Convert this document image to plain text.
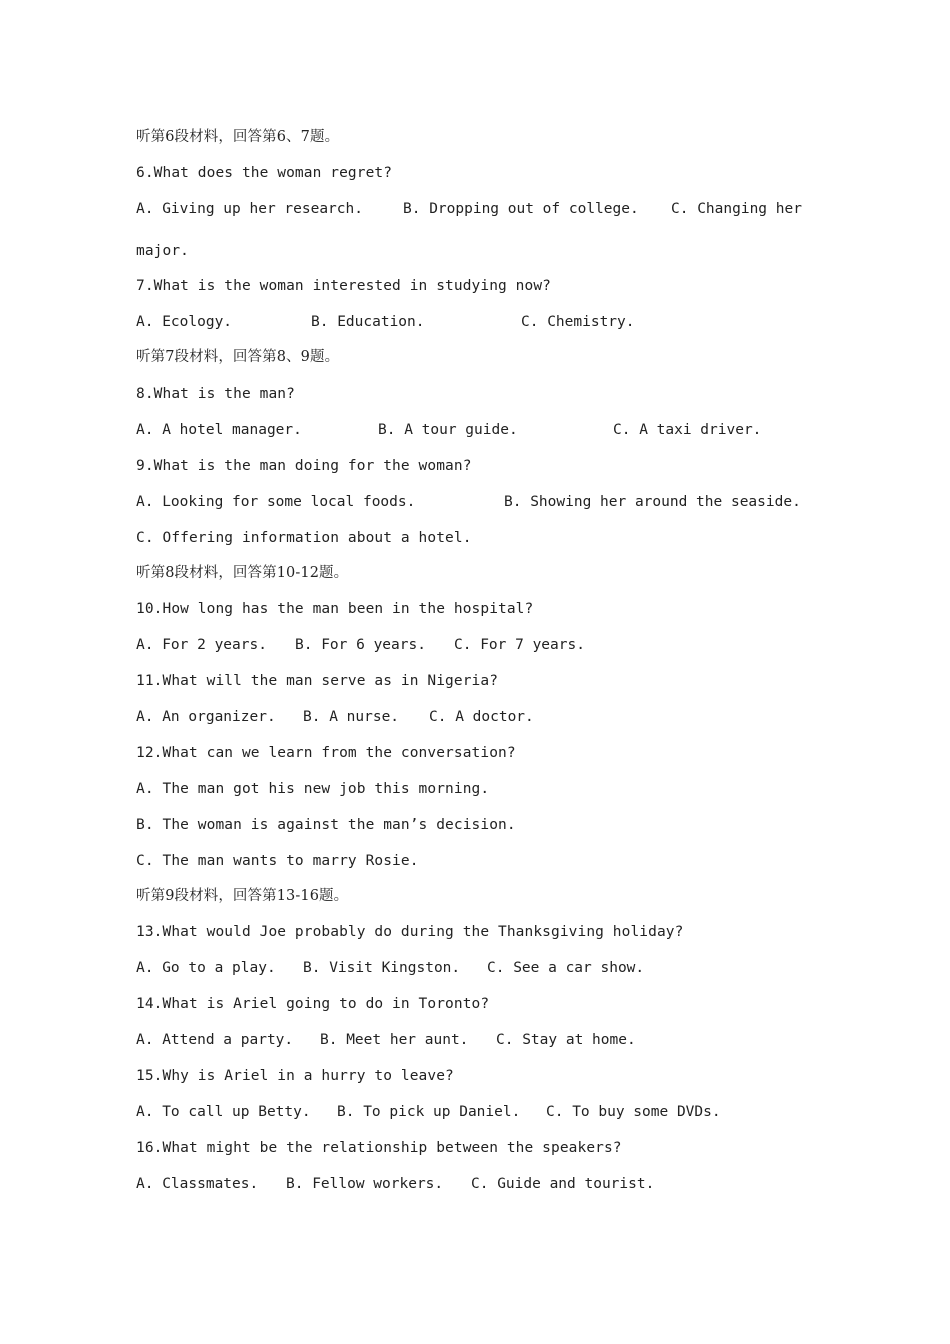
听第6段材料，回答第6、7题。
6.What does the woman regret?
A. Giving up her research.	B. Dropping out of college. C. Changing her
major.
7.What is the woman interested in studying now?
A. Ecology.	B. Education.	C. Chemistry.
听第7段材料，回答第8、9题。
8.What is the man?
A. A hotel manager.	B. A tour guide.	C. A taxi driver.
9.What is the man doing for the woman?
A. Looking for some local foods.	B. Showing her around the seaside.
C. Offering information about a hotel.
听第8段材料，回答第10-12题。
10.How long has the man been in the hospital?
A. For 2 years. B. For 6 years. C. For 7 years.
11.What will the man serve as in Nigeria?
A. An organizer. B. A nurse. C. A doctor.
12.What can we learn from the conversation?
A. The man got his new job this morning.
B. The woman is against the man’s decision.
C. The man wants to marry Rosie.
听第9段材料，回答第13-16题。
13.What would Joe probably do during the Thanksgiving holiday?
A. Go to a play. B. Visit Kingston. C. See a car show.
14.What is Ariel going to do in Toronto?
A. Attend a party. B. Meet her aunt. C. Stay at home.
15.Why is Ariel in a hurry to leave?
A. To call up Betty. B. To pick up Daniel. C. To buy some DVDs.
16.What might be the relationship between the speakers?
A. Classmates. B. Fellow workers. C. Guide and tourist.
